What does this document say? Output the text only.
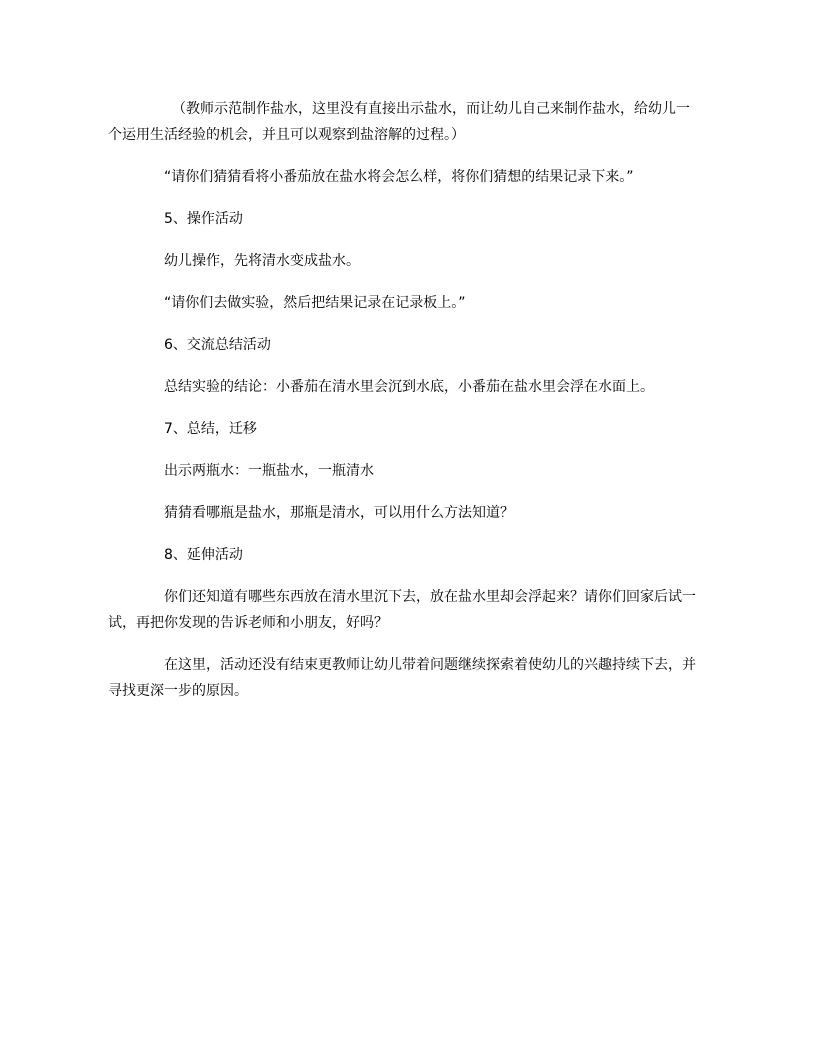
（教师示范制作盐水，这里没有直接出示盐水，而让幼儿自己来制作盐水，给幼儿一个运用生活经验的机会，并且可以观察到盐溶解的过程。）

“请你们猜猜看将小番茄放在盐水将会怎么样，将你们猜想的结果记录下来。”

5、操作活动

幼儿操作，先将清水变成盐水。

“请你们去做实验，然后把结果记录在记录板上。”

6、交流总结活动

总结实验的结论：小番茄在清水里会沉到水底，小番茄在盐水里会浮在水面上。

7、总结，迁移

出示两瓶水：一瓶盐水，一瓶清水

猜猜看哪瓶是盐水，那瓶是清水，可以用什么方法知道？

8、延伸活动

你们还知道有哪些东西放在清水里沉下去，放在盐水里却会浮起来？请你们回家后试一试，再把你发现的告诉老师和小朋友，好吗？

在这里，活动还没有结束更教师让幼儿带着问题继续探索着使幼儿的兴趣持续下去，并寻找更深一步的原因。
